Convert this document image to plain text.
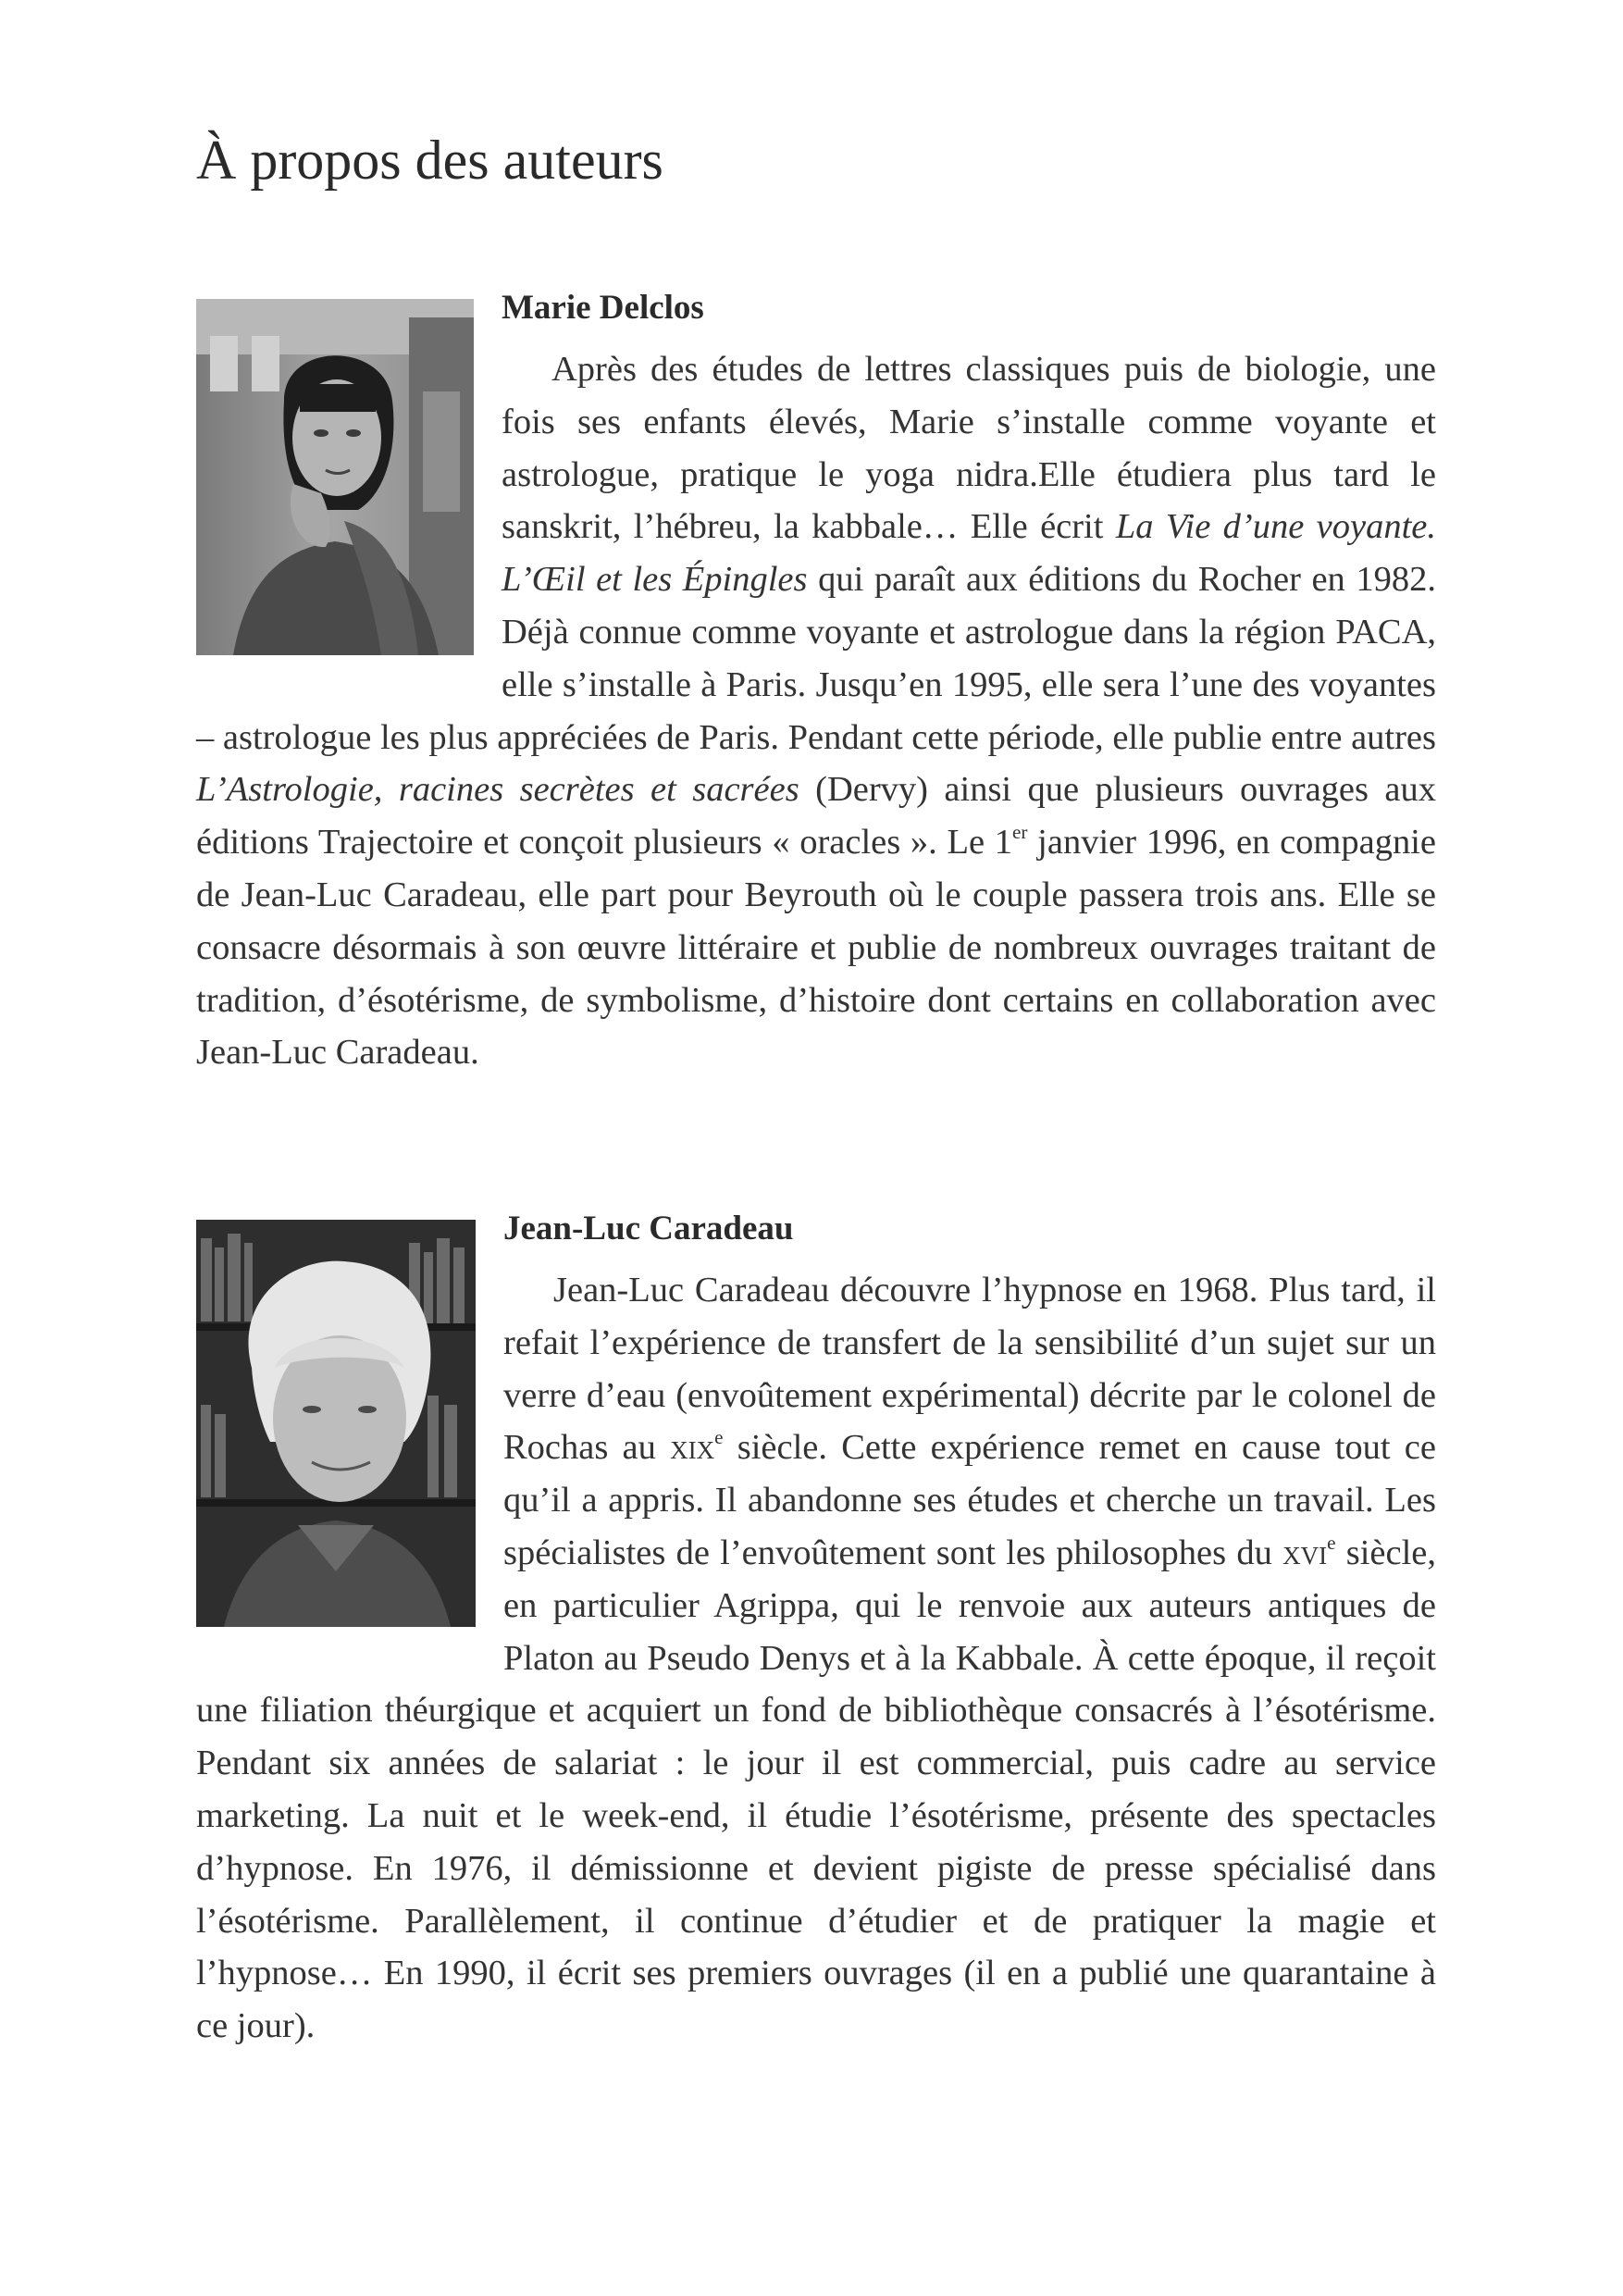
À propos des auteurs
Marie Delclos

Après des études de lettres classiques puis de biologie, une fois ses enfants élevés, Marie s’installe comme voyante et astrologue, pratique le yoga nidra.Elle étudiera plus tard le sanskrit, l’hébreu, la kabbale… Elle écrit La Vie d’une voyante. L’Œil et les Épingles qui paraît aux éditions du Rocher en 1982. Déjà connue comme voyante et astrologue dans la région PACA, elle s’installe à Paris. Jusqu’en 1995, elle sera l’une des voyantes – astrologue les plus appréciées de Paris. Pendant cette période, elle publie entre autres L’Astrologie, racines secrètes et sacrées (Dervy) ainsi que plusieurs ouvrages aux éditions Trajectoire et conçoit plusieurs « oracles ». Le 1er janvier 1996, en compagnie de Jean-Luc Caradeau, elle part pour Beyrouth où le couple passera trois ans. Elle se consacre désormais à son œuvre littéraire et publie de nombreux ouvrages traitant de tradition, d’ésotérisme, de symbolisme, d’histoire dont certains en collaboration avec Jean-Luc Caradeau.

Jean-Luc Caradeau

Jean-Luc Caradeau découvre l’hypnose en 1968. Plus tard, il refait l’expérience de transfert de la sensibilité d’un sujet sur un verre d’eau (envoûtement expérimental) décrite par le colonel de Rochas au xix$^e$ siècle. Cette expérience remet en cause tout ce qu’il a appris. Il abandonne ses études et cherche un travail. Les spécialistes de l’envoûtement sont les philosophes du xvi$^e$ siècle, en particulier Agrippa, qui le renvoie aux auteurs antiques de Platon au Pseudo Denys et à la Kabbale. À cette époque, il reçoit une filiation théurgique et acquiert un fond de bibliothèque consacrés à l’ésotérisme. Pendant six années de salariat : le jour il est commercial, puis cadre au service marketing. La nuit et le week-end, il étudie l’ésotérisme, présente des spectacles d’hypnose. En 1976, il démissionne et devient pigiste de presse spécialisé dans l’ésotérisme. Parallèlement, il continue d’étudier et de pratiquer la magie et l’hypnose… En 1990, il écrit ses premiers ouvrages (il en a publié une quarantaine à ce jour).
